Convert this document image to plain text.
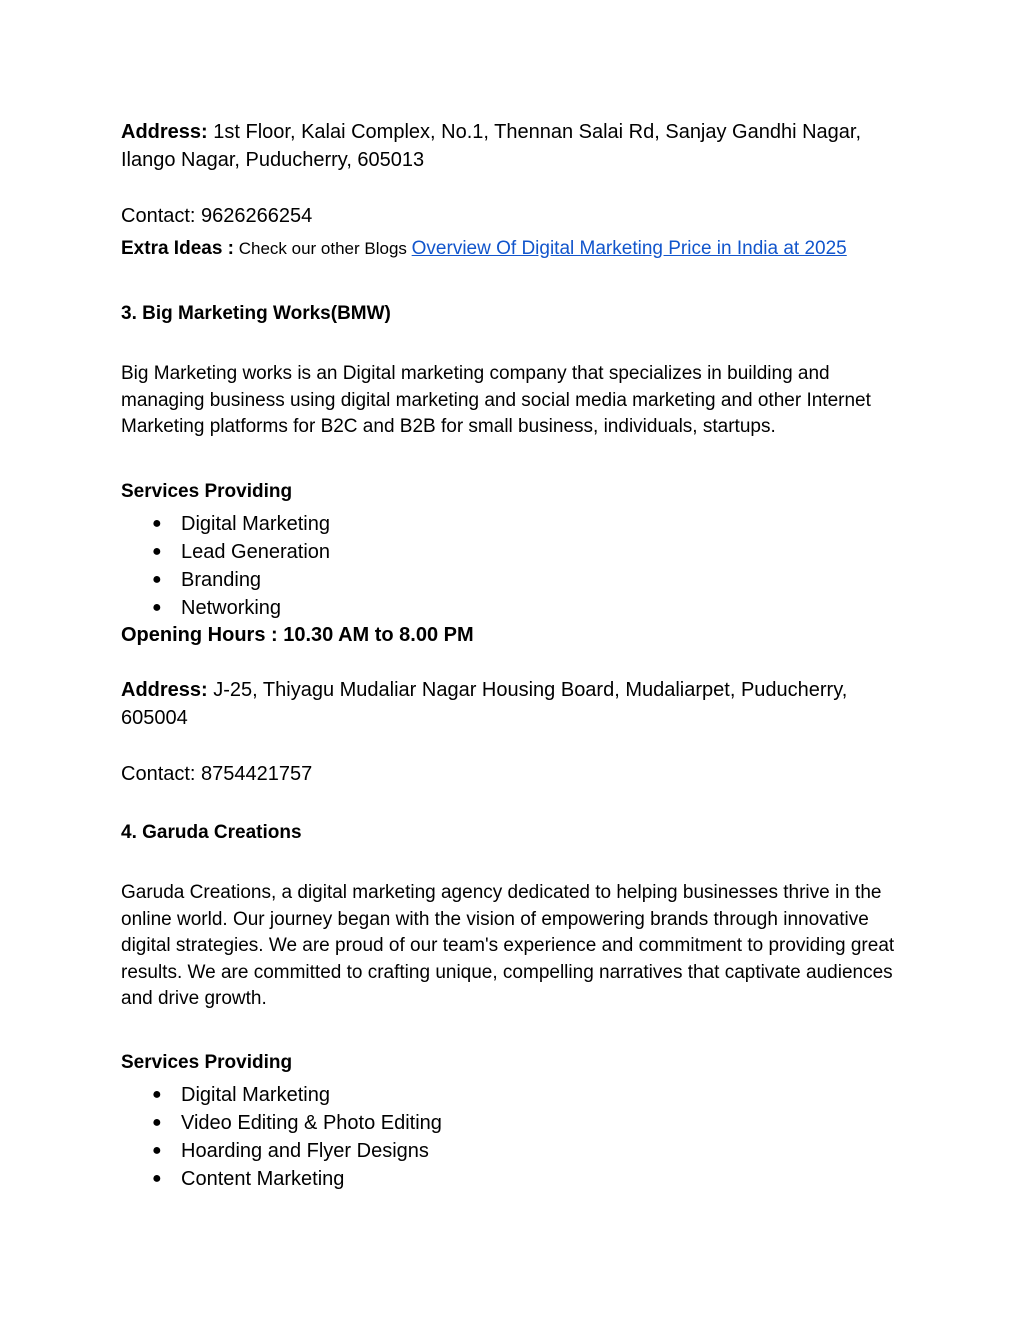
Address: 1st Floor, Kalai Complex, No.1, Thennan Salai Rd, Sanjay Gandhi Nagar, Ilango Nagar, Puducherry, 605013
Contact: 9626266254
Extra Ideas : Check our other Blogs Overview Of Digital Marketing Price in India at 2025
3. Big Marketing Works(BMW)
Big Marketing works is an Digital marketing company that specializes in building and managing business using digital marketing and social media marketing and other Internet Marketing platforms for B2C and B2B for small business, individuals, startups.
Services Providing
● Digital Marketing
● Lead Generation
● Branding
● Networking
Opening Hours : 10.30 AM to 8.00 PM
Address: J-25, Thiyagu Mudaliar Nagar Housing Board, Mudaliarpet, Puducherry, 605004
Contact: 8754421757
4. Garuda Creations
Garuda Creations, a digital marketing agency dedicated to helping businesses thrive in the online world. Our journey began with the vision of empowering brands through innovative digital strategies. We are proud of our team's experience and commitment to providing great results. We are committed to crafting unique, compelling narratives that captivate audiences and drive growth.
Services Providing
● Digital Marketing
● Video Editing & Photo Editing
● Hoarding and Flyer Designs
● Content Marketing
